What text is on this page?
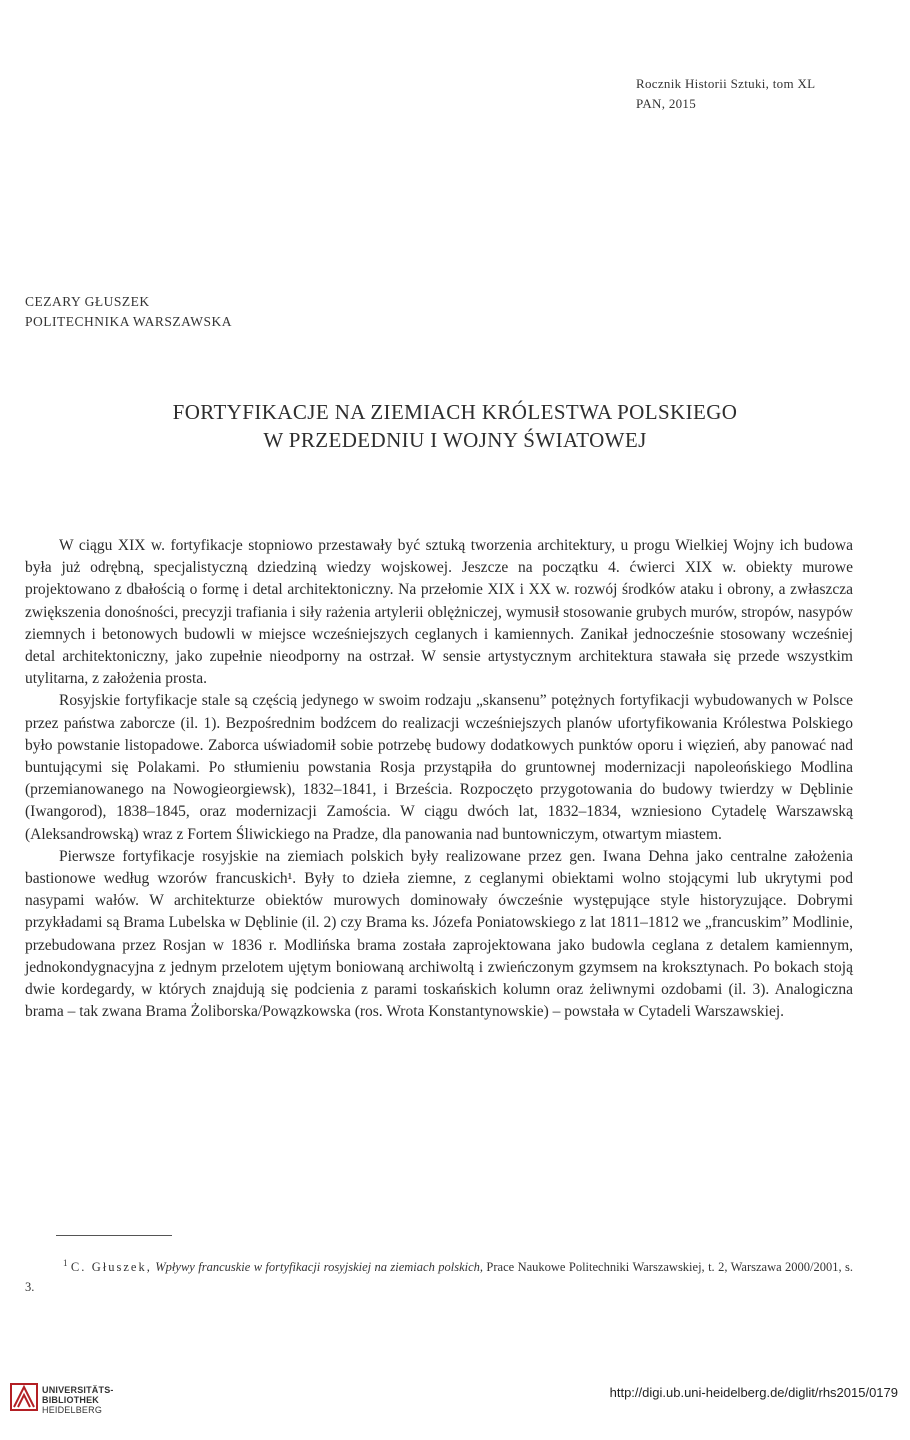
Rocznik Historii Sztuki, tom XL
PAN, 2015
CEZARY GŁUSZEK
POLITECHNIKA WARSZAWSKA
FORTYFIKACJE NA ZIEMIACH KRÓLESTWA POLSKIEGO
W PRZEDEDNIU I WOJNY ŚWIATOWEJ

W ciągu XIX w. fortyfikacje stopniowo przestawały być sztuką tworzenia architektury, u progu Wielkiej Wojny ich budowa była już odrębną, specjalistyczną dziedziną wiedzy wojskowej. Jeszcze na początku 4. ćwierci XIX w. obiekty murowe projektowano z dbałością o formę i detal architektoniczny. Na przełomie XIX i XX w. rozwój środków ataku i obrony, a zwłaszcza zwiększenia donośności, precyzji trafiania i siły rażenia artylerii oblężniczej, wymusił stosowanie grubych murów, stropów, nasypów ziemnych i betonowych budowli w miejsce wcześniejszych ceglanych i kamiennych. Zanikał jednocześnie stosowany wcześniej detal architektoniczny, jako zupełnie nieodporny na ostrzał. W sensie artystycznym architektura stawała się przede wszystkim utylitarna, z założenia prosta.

Rosyjskie fortyfikacje stale są częścią jedynego w swoim rodzaju „skansenu” potężnych fortyfikacji wybudowanych w Polsce przez państwa zaborcze (il. 1). Bezpośrednim bodźcem do realizacji wcześniejszych planów ufortyfikowania Królestwa Polskiego było powstanie listopadowe. Zaborca uświadomił sobie potrzebę budowy dodatkowych punktów oporu i więzień, aby panować nad buntującymi się Polakami. Po stłumieniu powstania Rosja przystąpiła do gruntownej modernizacji napoleońskiego Modlina (przemianowanego na Nowogieorgiewsk), 1832–1841, i Brześcia. Rozpoczęto przygotowania do budowy twierdzy w Dęblinie (Iwangorod), 1838–1845, oraz modernizacji Zamościa. W ciągu dwóch lat, 1832–1834, wzniesiono Cytadelę Warszawską (Aleksandrowską) wraz z Fortem Śliwickiego na Pradze, dla panowania nad buntowniczym, otwartym miastem.

Pierwsze fortyfikacje rosyjskie na ziemiach polskich były realizowane przez gen. Iwana Dehna jako centralne założenia bastionowe według wzorów francuskich¹. Były to dzieła ziemne, z ceglanymi obiektami wolno stojącymi lub ukrytymi pod nasypami wałów. W architekturze obiektów murowych dominowały ówcześnie występujące style historyzujące. Dobrymi przykładami są Brama Lubelska w Dęblinie (il. 2) czy Brama ks. Józefa Poniatowskiego z lat 1811–1812 we „francuskim” Modlinie, przebudowana przez Rosjan w 1836 r. Modlińska brama została zaprojektowana jako budowla ceglana z detalem kamiennym, jednokondygnacyjna z jednym przelotem ujętym boniowaną archiwoltą i zwieńczonym gzymsem na kroksztynach. Po bokach stoją dwie kordegardy, w których znajdują się podcienia z parami toskańskich kolumn oraz żeliwnymi ozdobami (il. 3). Analogiczna brama – tak zwana Brama Żoliborska/Powązkowska (ros. Wrota Konstantynowskie) – powstała w Cytadeli Warszawskiej.

$^1$ C. Głuszek, Wpływy francuskie w fortyfikacji rosyjskiej na ziemiach polskich, Prace Naukowe Politechniki Warszawskiej, t. 2, Warszawa 2000/2001, s. 3.
UNIVERSITÄTS-
BIBLIOTHEK
HEIDELBERG
http://digi.ub.uni-heidelberg.de/diglit/rhs2015/0179
